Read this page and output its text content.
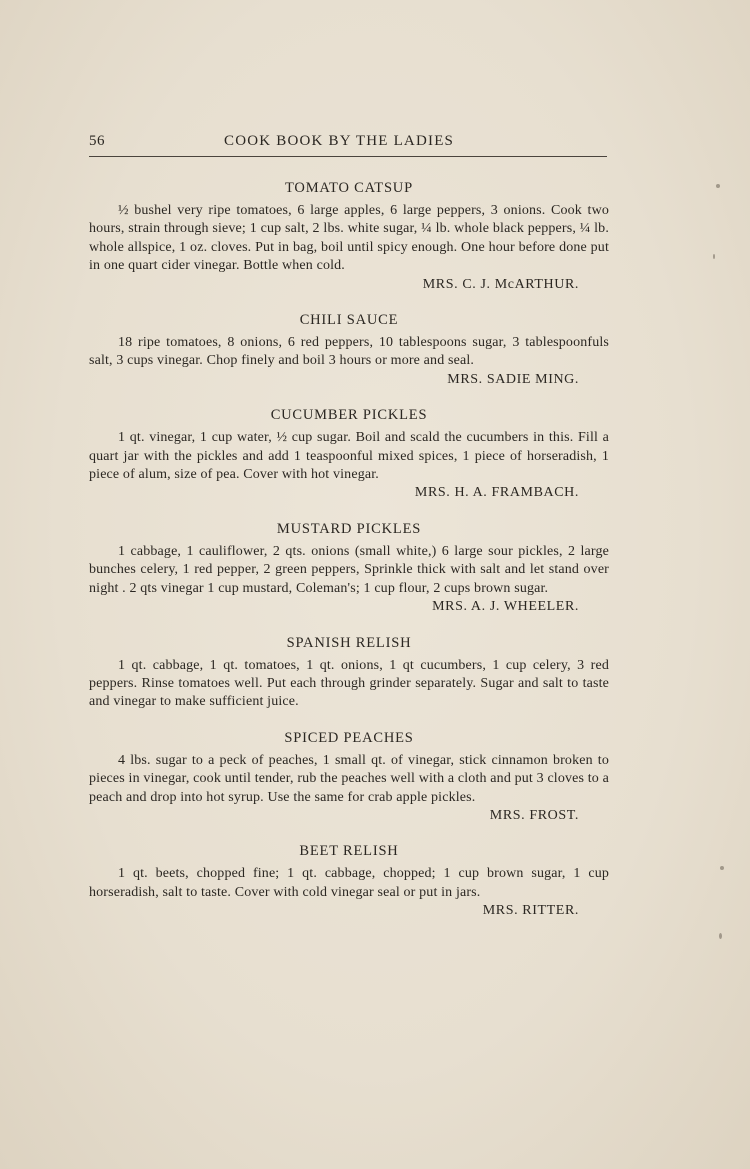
56	COOK BOOK BY THE LADIES
TOMATO CATSUP

½ bushel very ripe tomatoes, 6 large apples, 6 large peppers, 3 onions. Cook two hours, strain through sieve; 1 cup salt, 2 lbs. white sugar, ¼ lb. whole black peppers, ¼ lb. whole allspice, 1 oz. cloves. Put in bag, boil until spicy enough. One hour before done put in one quart cider vinegar. Bottle when cold.

MRS. C. J. McARTHUR.

CHILI SAUCE

18 ripe tomatoes, 8 onions, 6 red peppers, 10 tablespoons sugar, 3 tablespoonfuls salt, 3 cups vinegar. Chop finely and boil 3 hours or more and seal.

MRS. SADIE MING.

CUCUMBER PICKLES

1 qt. vinegar, 1 cup water, ½ cup sugar. Boil and scald the cucumbers in this. Fill a quart jar with the pickles and add 1 teaspoonful mixed spices, 1 piece of horseradish, 1 piece of alum, size of pea. Cover with hot vinegar.

MRS. H. A. FRAMBACH.

MUSTARD PICKLES

1 cabbage, 1 cauliflower, 2 qts. onions (small white,) 6 large sour pickles, 2 large bunches celery, 1 red pepper, 2 green peppers, Sprinkle thick with salt and let stand over night . 2 qts vinegar 1 cup mustard, Coleman's; 1 cup flour, 2 cups brown sugar.

MRS. A. J. WHEELER.

SPANISH RELISH

1 qt. cabbage, 1 qt. tomatoes, 1 qt. onions, 1 qt cucumbers, 1 cup celery, 3 red peppers. Rinse tomatoes well. Put each through grinder separately. Sugar and salt to taste and vinegar to make sufficient juice.

SPICED PEACHES

4 lbs. sugar to a peck of peaches, 1 small qt. of vinegar, stick cinnamon broken to pieces in vinegar, cook until tender, rub the peaches well with a cloth and put 3 cloves to a peach and drop into hot syrup. Use the same for crab apple pickles.

MRS. FROST.

BEET RELISH

1 qt. beets, chopped fine; 1 qt. cabbage, chopped; 1 cup brown sugar, 1 cup horseradish, salt to taste. Cover with cold vinegar seal or put in jars.

MRS. RITTER.
